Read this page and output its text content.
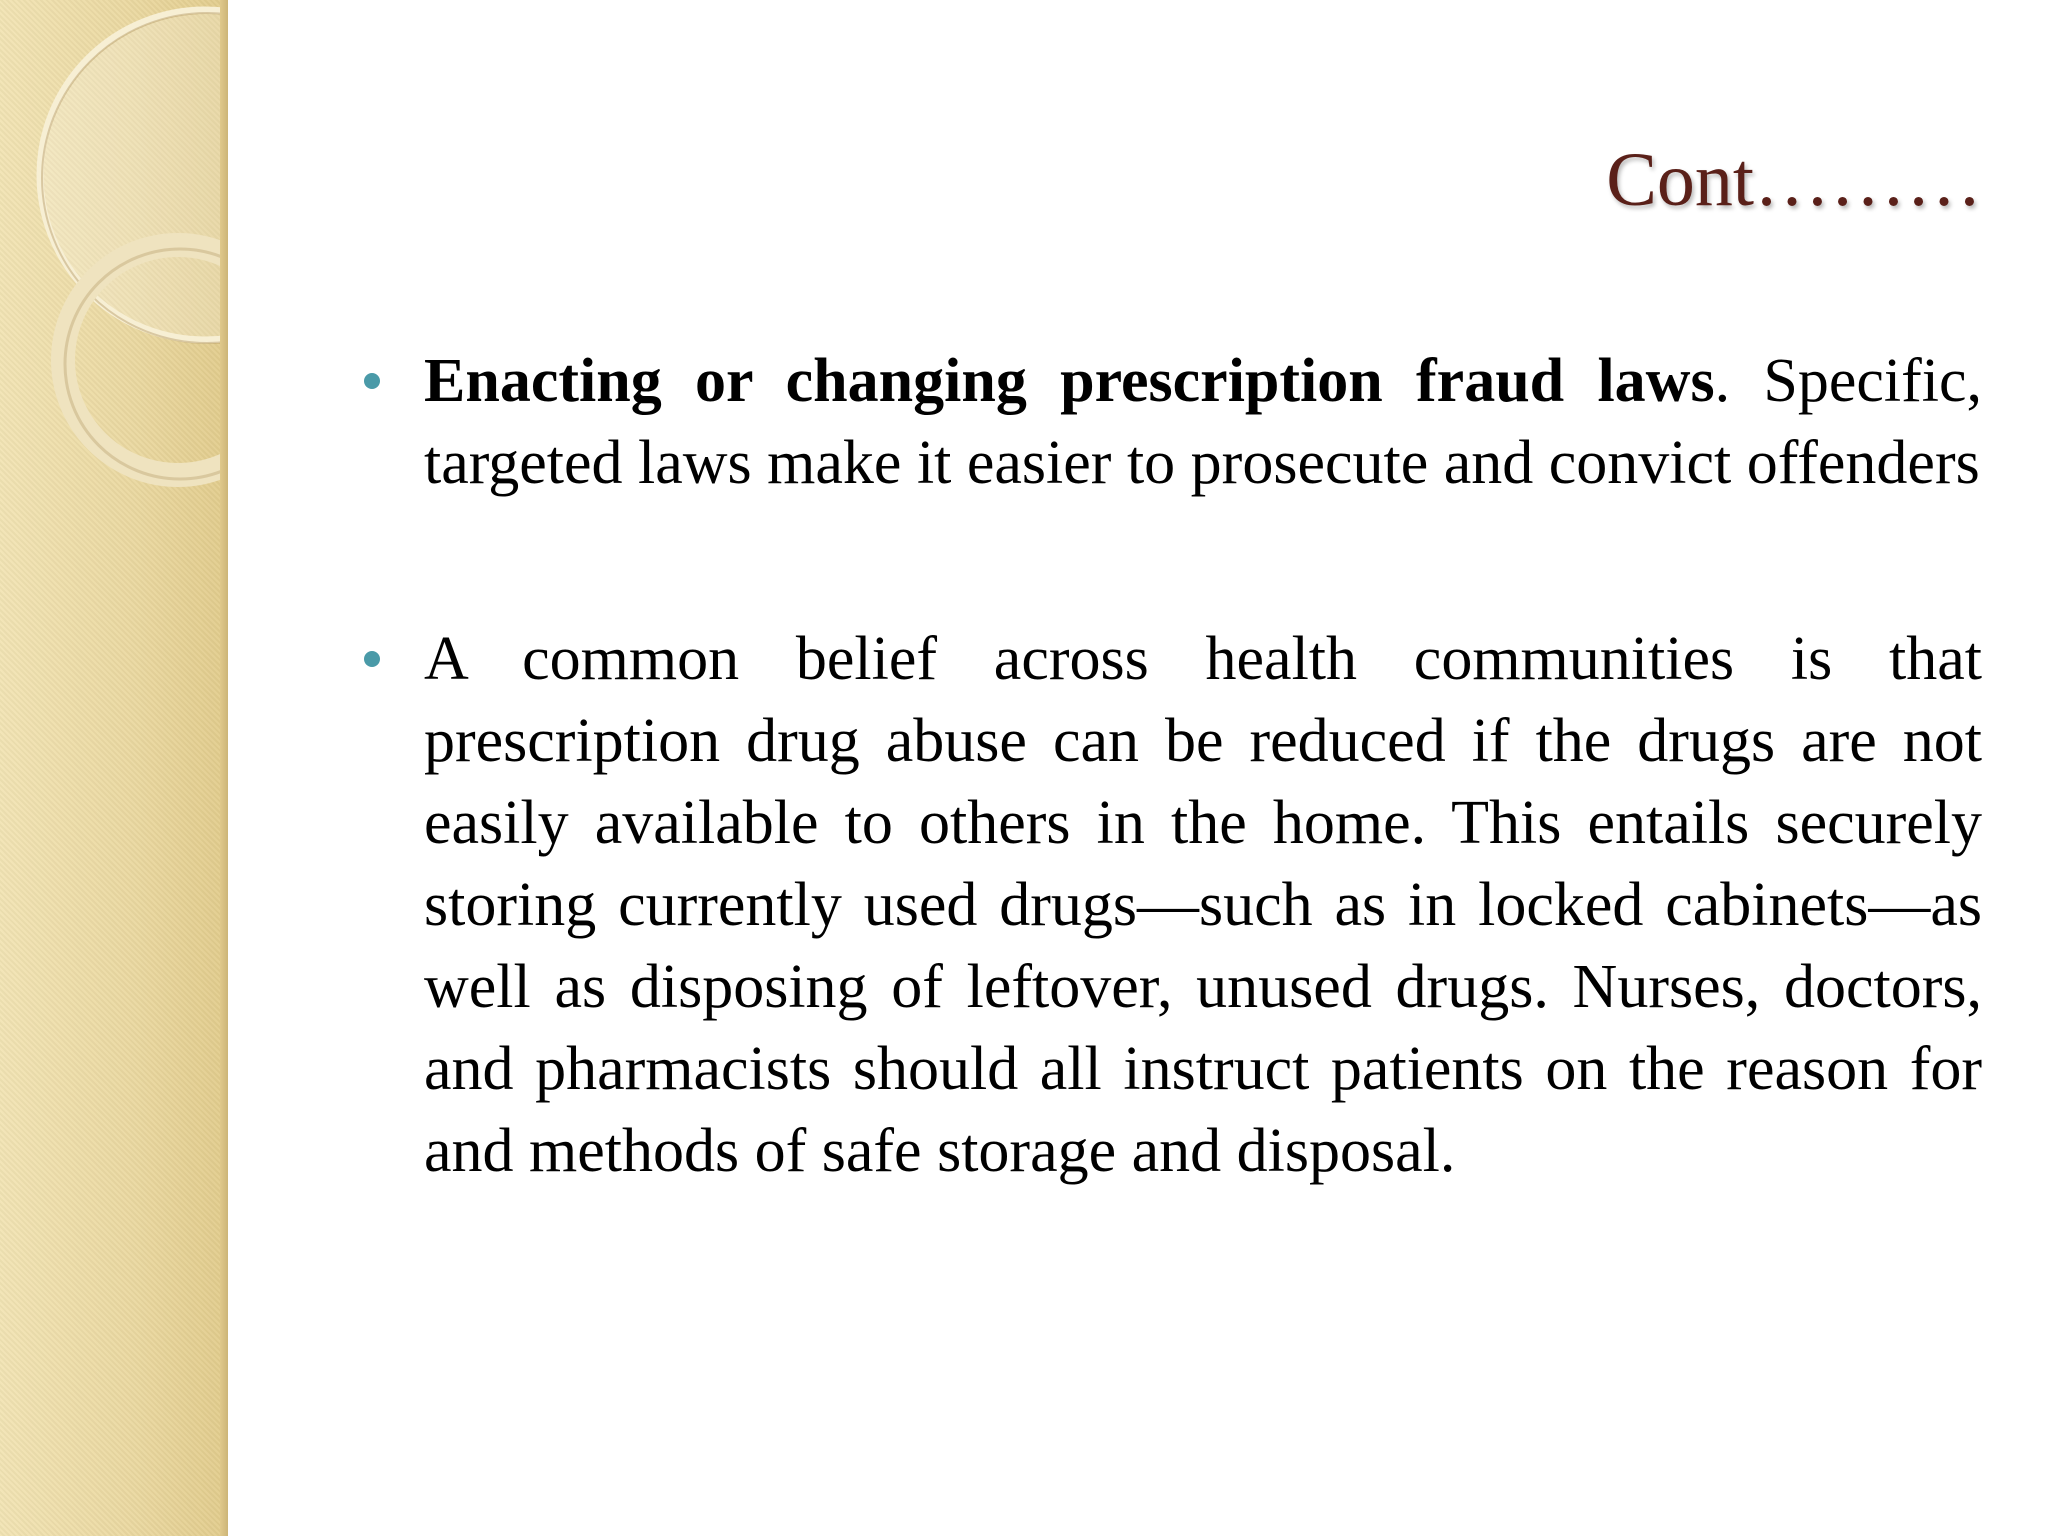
Cont………

Enacting or changing prescription fraud laws. Specific, targeted laws make it easier to prosecute and convict offenders

A common belief across health communities is that prescription drug abuse can be reduced if the drugs are not easily available to others in the home. This entails securely storing currently used drugs—such as in locked cabinets—as well as disposing of leftover, unused drugs. Nurses, doctors, and pharmacists should all instruct patients on the reason for and methods of safe storage and disposal.
